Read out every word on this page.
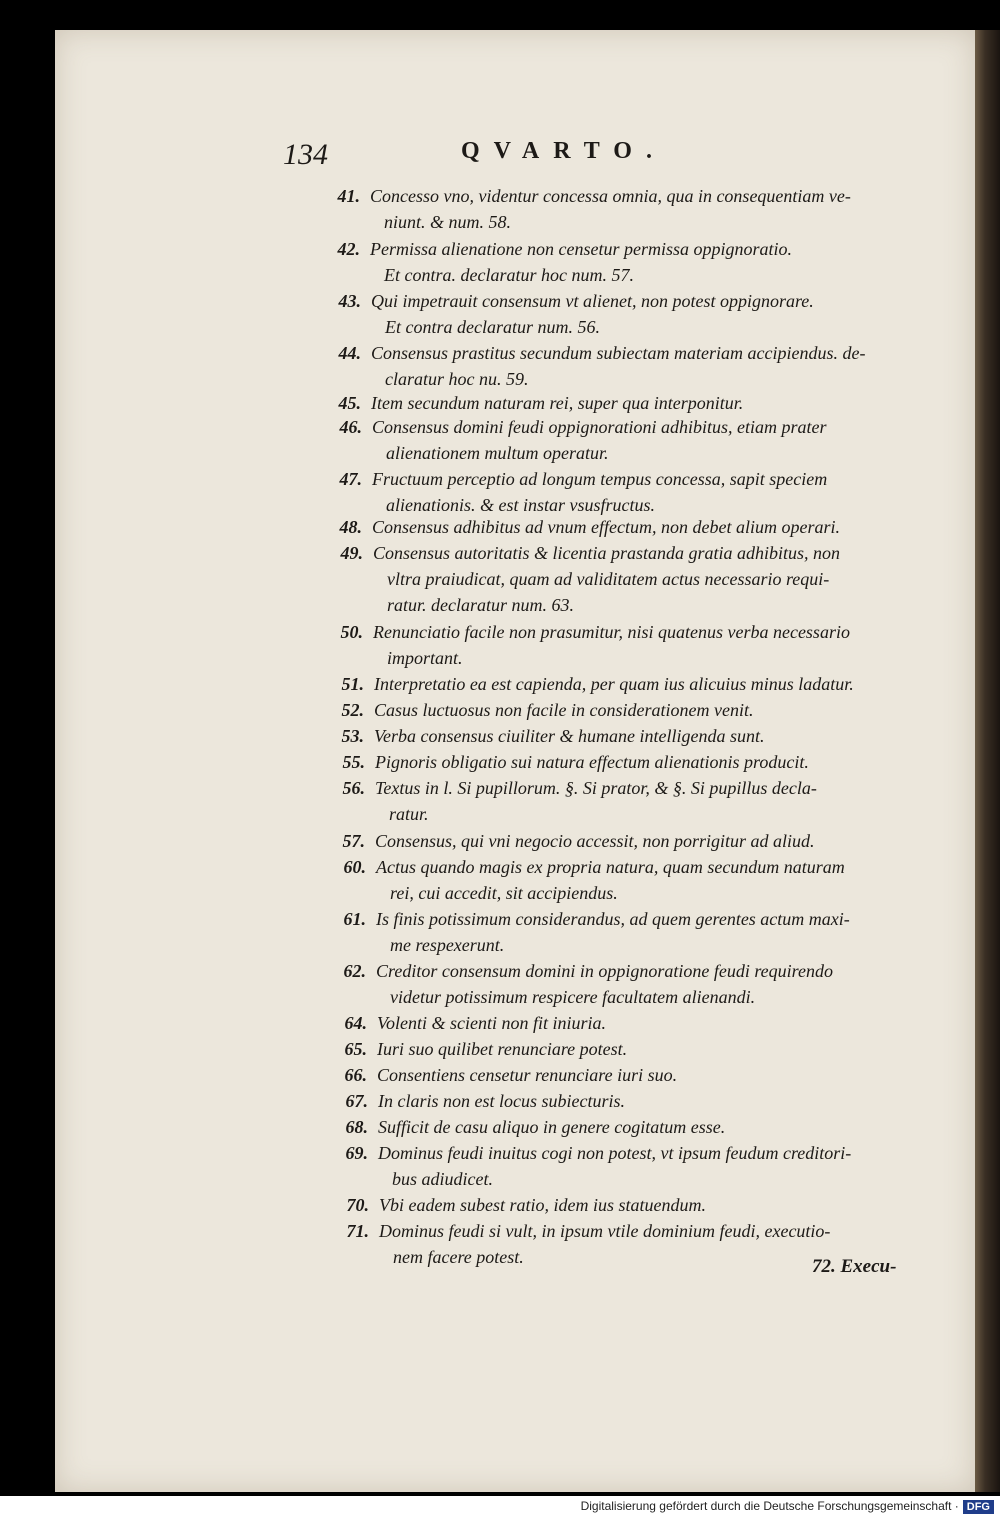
134	QVARTO.
41. Concesso vno, videntur concessa omnia, qua in consequentiam ve-
niunt. & num. 58.
42. Permissa alienatione non censetur permissa oppignoratio.
Et contra. declaratur hoc num. 57.
43. Qui impetrauit consensum vt alienet, non potest oppignorare.
Et contra declaratur num. 56.
44. Consensus prastitus secundum subiectam materiam accipiendus. de-
claratur hoc nu. 59.
45. Item secundum naturam rei, super qua interponitur.
46. Consensus domini feudi oppignorationi adhibitus, etiam prater
alienationem multum operatur.
47. Fructuum perceptio ad longum tempus concessa, sapit speciem
alienationis. & est instar vsusfructus.
48. Consensus adhibitus ad vnum effectum, non debet alium operari.
49. Consensus autoritatis & licentia prastanda gratia adhibitus, non
vltra praiudicat, quam ad validitatem actus necessario requi-
ratur. declaratur num. 63.
50. Renunciatio facile non prasumitur, nisi quatenus verba necessario
important.
51. Interpretatio ea est capienda, per quam ius alicuius minus ladatur.
52. Casus luctuosus non facile in considerationem venit.
53. Verba consensus ciuiliter & humane intelligenda sunt.
55. Pignoris obligatio sui natura effectum alienationis producit.
56. Textus in l. Si pupillorum. §. Si prator, & §. Si pupillus decla-
ratur.
57. Consensus, qui vni negocio accessit, non porrigitur ad aliud.
60. Actus quando magis ex propria natura, quam secundum naturam
rei, cui accedit, sit accipiendus.
61. Is finis potissimum considerandus, ad quem gerentes actum maxi-
me respexerunt.
62. Creditor consensum domini in oppignoratione feudi requirendo
videtur potissimum respicere facultatem alienandi.
64. Volenti & scienti non fit iniuria.
65. Iuri suo quilibet renunciare potest.
66. Consentiens censetur renunciare iuri suo.
67. In claris non est locus subiecturis.
68. Sufficit de casu aliquo in genere cogitatum esse.
69. Dominus feudi inuitus cogi non potest, vt ipsum feudum creditori-
bus adiudicet.
70. Vbi eadem subest ratio, idem ius statuendum.
71. Dominus feudi si vult, in ipsum vtile dominium feudi, executio-
nem facere potest.	72. Execu-
Digitalisierung gefördert durch die Deutsche Forschungsgemeinschaft · DFG
